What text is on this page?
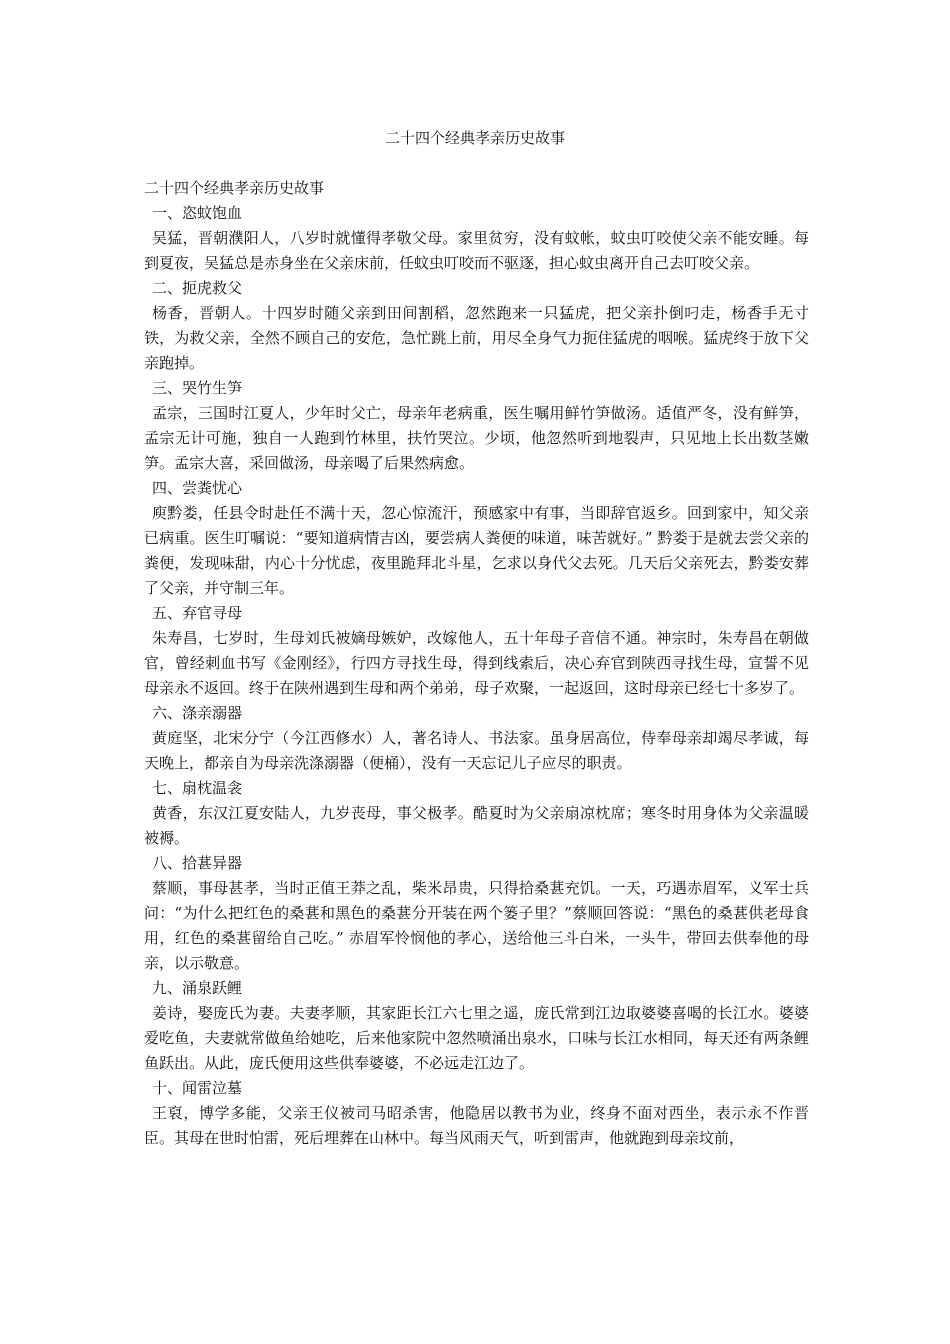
二十四个经典孝亲历史故事

二十四个经典孝亲历史故事

一、恣蚊饱血

吴猛，晋朝濮阳人，八岁时就懂得孝敬父母。家里贫穷，没有蚊帐，蚊虫叮咬使父亲不能安睡。每到夏夜，吴猛总是赤身坐在父亲床前，任蚊虫叮咬而不驱逐，担心蚊虫离开自己去叮咬父亲。

二、扼虎救父

杨香，晋朝人。十四岁时随父亲到田间割稻，忽然跑来一只猛虎，把父亲扑倒叼走，杨香手无寸铁，为救父亲，全然不顾自己的安危，急忙跳上前，用尽全身气力扼住猛虎的咽喉。猛虎终于放下父亲跑掉。

三、哭竹生笋

孟宗，三国时江夏人，少年时父亡，母亲年老病重，医生嘱用鲜竹笋做汤。适值严冬，没有鲜笋，孟宗无计可施，独自一人跑到竹林里，扶竹哭泣。少顷，他忽然听到地裂声，只见地上长出数茎嫩笋。孟宗大喜，采回做汤，母亲喝了后果然病愈。

四、尝粪忧心

庾黔娄，任县令时赴任不满十天，忽心惊流汗，预感家中有事，当即辞官返乡。回到家中，知父亲已病重。医生叮嘱说：“要知道病情吉凶，要尝病人粪便的味道，味苦就好。” 黔娄于是就去尝父亲的粪便，发现味甜，内心十分忧虑，夜里跪拜北斗星，乞求以身代父去死。几天后父亲死去，黔娄安葬了父亲，并守制三年。

五、弃官寻母

朱寿昌，七岁时，生母刘氏被嫡母嫉妒，改嫁他人，五十年母子音信不通。神宗时，朱寿昌在朝做官，曾经刺血书写《金刚经》，行四方寻找生母，得到线索后，决心弃官到陕西寻找生母，宣誓不见母亲永不返回。终于在陕州遇到生母和两个弟弟，母子欢聚，一起返回，这时母亲已经七十多岁了。

六、涤亲溺器

黄庭坚，北宋分宁（今江西修水）人，著名诗人、书法家。虽身居高位，侍奉母亲却竭尽孝诚，每天晚上，都亲自为母亲洗涤溺器（便桶），没有一天忘记儿子应尽的职责。

七、扇枕温衾

黄香，东汉江夏安陆人，九岁丧母，事父极孝。酷夏时为父亲扇凉枕席；寒冬时用身体为父亲温暖被褥。

八、拾葚异器

蔡顺，事母甚孝，当时正值王莽之乱，柴米昂贵，只得拾桑葚充饥。一天，巧遇赤眉军，义军士兵问：“为什么把红色的桑葚和黑色的桑葚分开装在两个篓子里？”蔡顺回答说：“黑色的桑葚供老母食用，红色的桑葚留给自己吃。” 赤眉军怜悯他的孝心，送给他三斗白米，一头牛，带回去供奉他的母亲，以示敬意。

九、涌泉跃鲤

姜诗，娶庞氏为妻。夫妻孝顺，其家距长江六七里之遥，庞氏常到江边取婆婆喜喝的长江水。婆婆爱吃鱼，夫妻就常做鱼给她吃，后来他家院中忽然喷涌出泉水，口味与长江水相同，每天还有两条鲤鱼跃出。从此，庞氏便用这些供奉婆婆，不必远走江边了。

十、闻雷泣墓

王裒，博学多能，父亲王仪被司马昭杀害，他隐居以教书为业，终身不面对西坐，表示永不作晋臣。其母在世时怕雷，死后埋葬在山林中。每当风雨天气，听到雷声，他就跑到母亲坟前，
